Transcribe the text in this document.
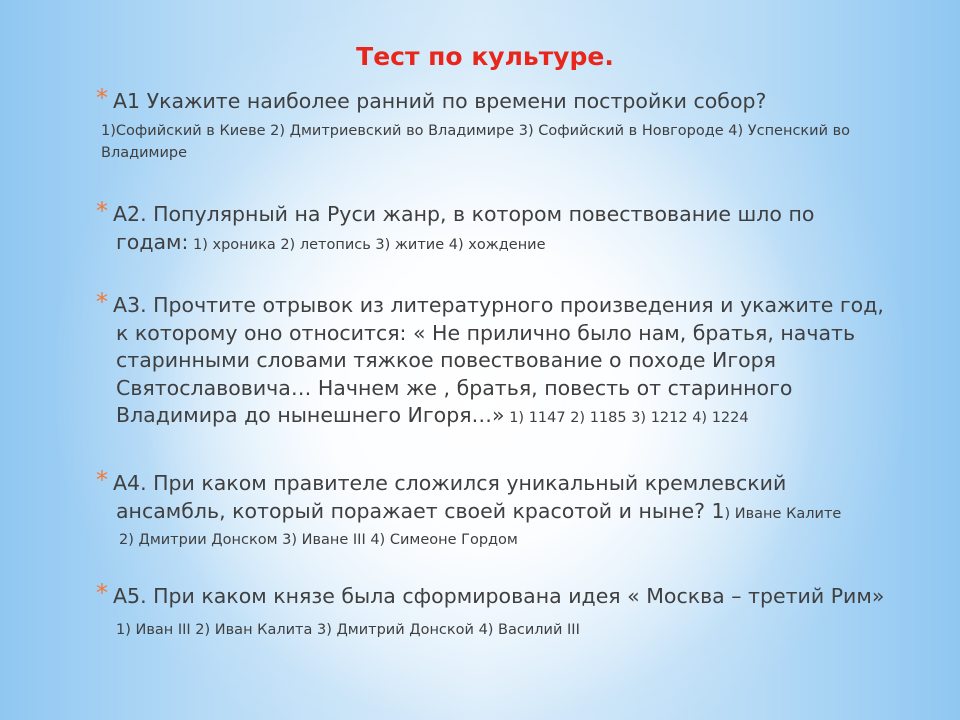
Тест по культуре.
* А1 Укажите наиболее ранний по времени постройки собор?
1)Софийский в Киеве 2) Дмитриевский во Владимире 3) Софийский в Новгороде 4) Успенский во Владимире
* А2. Популярный на Руси жанр, в котором повествование шло по годам: 1) хроника 2) летопись 3) житие 4) хождение
* А3. Прочтите отрывок из литературного произведения и укажите год, к которому оно относится: « Не прилично было нам, братья, начать старинными словами тяжкое повествование о походе Игоря Святославовича… Начнем же , братья, повесть от старинного Владимира до нынешнего Игоря…» 1) 1147 2) 1185 3) 1212 4) 1224
* А4. При каком правителе сложился уникальный кремлевский ансамбль, который поражает своей красотой и ныне? 1) Иване Калите
2) Дмитрии Донском 3) Иване III 4) Симеоне Гордом
* А5. При каком князе была сформирована идея « Москва – третий Рим» 1) Иван III 2) Иван Калита 3) Дмитрий Донской 4) Василий III
